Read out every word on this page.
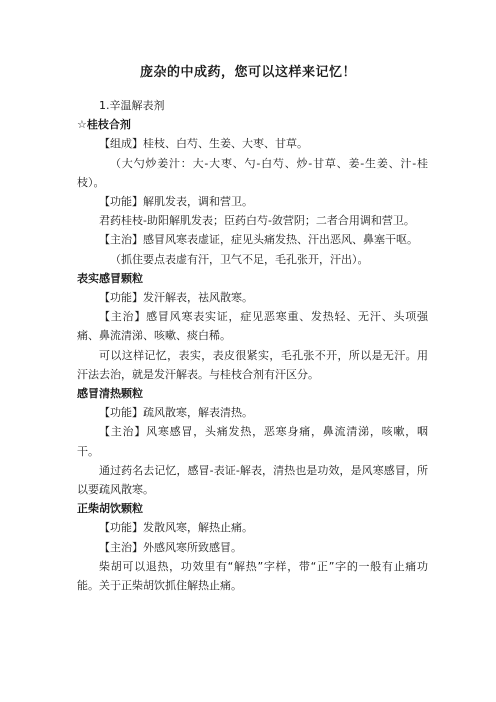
庞杂的中成药，您可以这样来记忆！

1.辛温解表剂

☆桂枝合剂

【组成】桂枝、白芍、生姜、大枣、甘草。

（大勺炒姜汁：大-大枣、勺-白芍、炒-甘草、姜-生姜、汁-桂枝）。

【功能】解肌发表，调和营卫。

君药桂枝-助阳解肌发表；臣药白芍-敛营阴；二者合用调和营卫。

【主治】感冒风寒表虚证，症见头痛发热、汗出恶风、鼻塞干呕。

（抓住要点表虚有汗，卫气不足，毛孔张开，汗出）。

表实感冒颗粒

【功能】发汗解表，祛风散寒。

【主治】感冒风寒表实证，症见恶寒重、发热轻、无汗、头项强痛、鼻流清涕、咳嗽、痰白稀。

可以这样记忆，表实，表皮很紧实，毛孔张不开，所以是无汗。用汗法去治，就是发汗解表。与桂枝合剂有汗区分。

感冒清热颗粒

【功能】疏风散寒，解表清热。

【主治】风寒感冒，头痛发热，恶寒身痛，鼻流清涕，咳嗽，咽干。

通过药名去记忆，感冒-表证-解表，清热也是功效，是风寒感冒，所以要疏风散寒。

正柴胡饮颗粒

【功能】发散风寒，解热止痛。

【主治】外感风寒所致感冒。

柴胡可以退热，功效里有“解热”字样，带“正”字的一般有止痛功能。关于正柴胡饮抓住解热止痛。
